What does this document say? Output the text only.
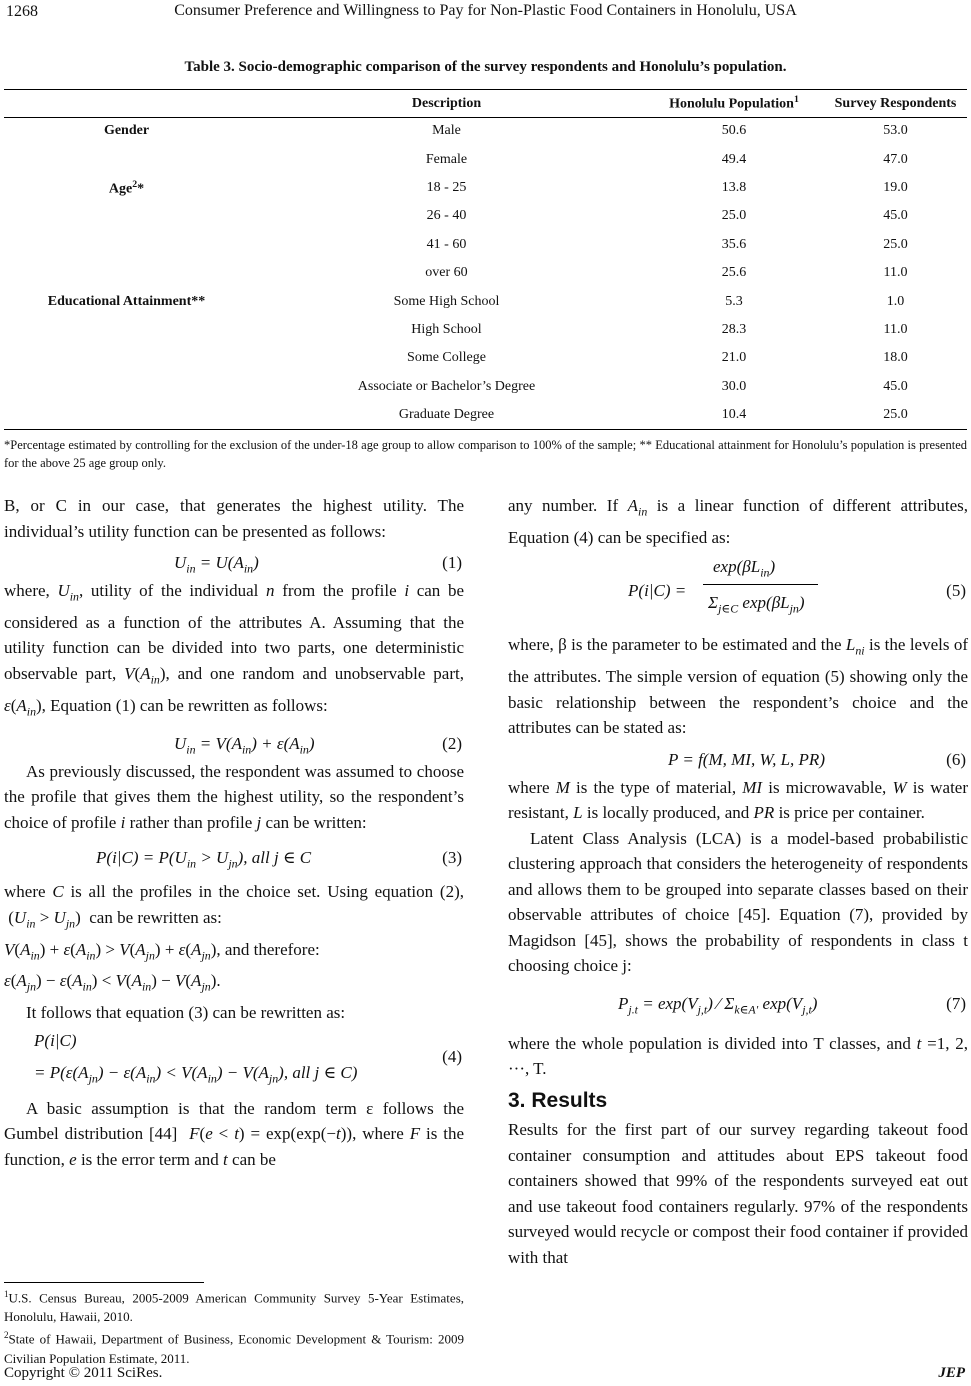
1268	Consumer Preference and Willingness to Pay for Non-Plastic Food Containers in Honolulu, USA
Table 3. Socio-demographic comparison of the survey respondents and Honolulu’s population.
	Description	Honolulu Population$^1$	Survey Respondents
Gender	Male	50.6	53.0
	Female	49.4	47.0
Age$^2$*	18 - 25	13.8	19.0
	26 - 40	25.0	45.0
	41 - 60	35.6	25.0
	over 60	25.6	11.0
Educational Attainment**	Some High School	5.3	1.0
	High School	28.3	11.0
	Some College	21.0	18.0
	Associate or Bachelor’s Degree	30.0	45.0
	Graduate Degree	10.4	25.0
*Percentage estimated by controlling for the exclusion of the under-18 age group to allow comparison to 100% of the sample; ** Educational attainment for Honolulu’s population is presented for the above 25 age group only.

B, or C in our case, that generates the highest utility. The individual’s utility function can be presented as follows:

$U_{in} = U(A_{in})$	(1)

where, $U_{in}$, utility of the individual n from the profile i can be considered as a function of the attributes A. Assuming that the utility function can be divided into two parts, one deterministic observable part, $V(A_{in})$, and one random and unobservable part, $\varepsilon(A_{in})$, Equation (1) can be rewritten as follows:

$U_{in} = V(A_{in}) + \varepsilon(A_{in})$	(2)

As previously discussed, the respondent was assumed to choose the profile that gives them the highest utility, so the respondent’s choice of profile i rather than profile j can be written:

$P(i|C) = P(U_{in} > U_{jn})$, all j ∈ C	(3)

where C is all the profiles in the choice set. Using equation (2),  $(U_{in} > U_{jn})$  can be rewritten as:
$V(A_{in}) + \varepsilon(A_{in}) > V(A_{jn}) + \varepsilon(A_{jn})$, and therefore:
$\varepsilon(A_{jn}) - \varepsilon(A_{in}) < V(A_{in}) - V(A_{jn})$.

It follows that equation (3) can be rewritten as:

P(i|C)
= $P(\varepsilon(A_{jn}) - \varepsilon(A_{in}) < V(A_{in}) - V(A_{jn})$, all j ∈ C)
(4)

A basic assumption is that the random term ε follows the Gumbel distribution [44]  F(e < t) = exp(exp(−t)), where F is the function, e is the error term and t can be

any number. If $A_{in}$ is a linear function of different attributes, Equation (4) can be specified as:

P(i|C) =
$\exp(\beta L_{in})$
$\Sigma_{j\in C}$ $\exp(\beta L_{jn})$
(5)

where, β is the parameter to be estimated and the $L_{ni}$ is the levels of the attributes. The simple version of equation (5) showing only the basic relationship between the respondent’s choice and the attributes can be stated as:

P = f(M, MI, W, L, PR)	(6)

where M is the type of material, MI is microwavable, W is water resistant, L is locally produced, and PR is price per container.

Latent Class Analysis (LCA) is a model-based probabilistic clustering approach that considers the heterogeneity of respondents and allows them to be grouped into separate classes based on their observable attributes of choice [45]. Equation (7), provided by Magidson [45], shows the probability of respondents in class t choosing choice j:

$P_{j.t} = \exp(V_{j,t})$ ⁄ $\Sigma_{k\in A'}$ $\exp(V_{j,t})$	(7)

where the whole population is divided into T classes, and t =1, 2, ···, T.

3. Results

Results for the first part of our survey regarding takeout food container consumption and attitudes about EPS takeout food containers showed that 99% of the respondents surveyed eat out and use takeout food containers regularly. 97% of the respondents surveyed would recycle or compost their food container if provided with that

$^1$U.S. Census Bureau, 2005-2009 American Community Survey 5-Year Estimates, Honolulu, Hawaii, 2010.
$^2$State of Hawaii, Department of Business, Economic Development & Tourism: 2009 Civilian Population Estimate, 2011.
Copyright © 2011 SciRes.	JEP
